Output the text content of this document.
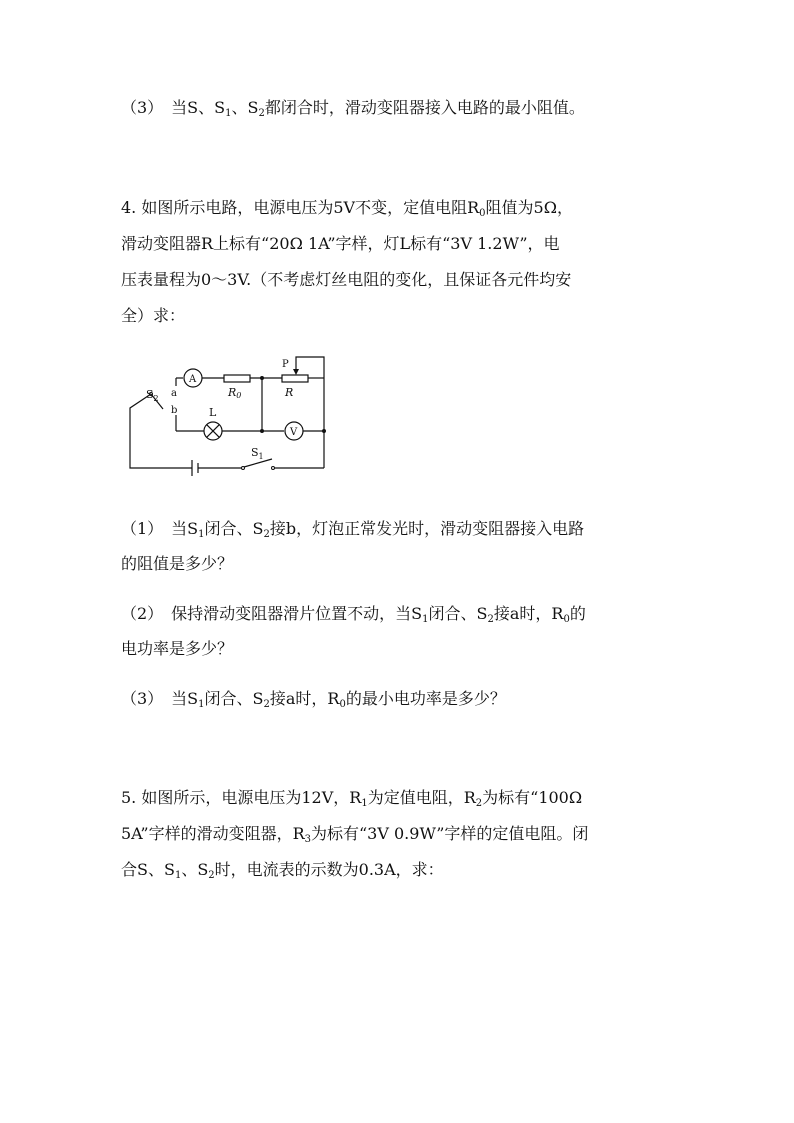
（3）　当S、$S_1$、$S_2$都闭合时，滑动变阻器接入电路的最小阻值。
4. 如图所示电路，电源电压为5V不变，定值电阻$R_0$阻值为5Ω，
滑动变阻器R上标有“20Ω 1A”字样，灯L标有“3V 1.2W”，电
压表量程为0～3V.（不考虑灯丝电阻的变化，且保证各元件均安
全）求：
$S_2$ a
b
A
R0
P
R
L
V
$S_1$
（1）　当$S_1$闭合、$S_2$接b，灯泡正常发光时，滑动变阻器接入电路
的阻值是多少？
（2）　保持滑动变阻器滑片位置不动，当$S_1$闭合、$S_2$接a时，$R_0$的
电功率是多少？
（3）　当$S_1$闭合、$S_2$接a时，$R_0$的最小电功率是多少？
5. 如图所示，电源电压为12V，$R_1$为定值电阻，$R_2$为标有“100Ω
5A”字样的滑动变阻器，$R_3$为标有“3V 0.9W”字样的定值电阻。闭
合S、$S_1$、$S_2$时，电流表的示数为0.3A，求：
